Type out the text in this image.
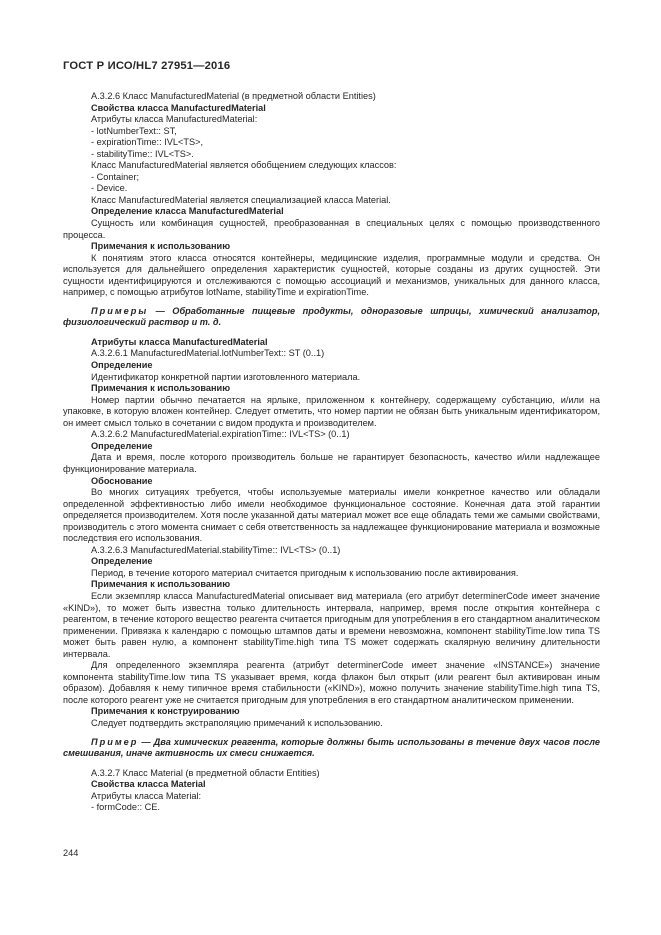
ГОСТ Р ИСО/HL7 27951—2016

А.3.2.6 Класс ManufacturedMaterial (в предметной области Entities)

Свойства класса ManufacturedMaterial

Атрибуты класса ManufacturedMaterial:

- lotNumberText:: ST,

- expirationTime:: IVL<TS>,

- stabilityTime:: IVL<TS>.

Класс ManufacturedMaterial является обобщением следующих классов:

- Container;

- Device.

Класс ManufacturedMaterial является специализацией класса Material.

Определение класса ManufacturedMaterial

Сущность или комбинация сущностей, преобразованная в специальных целях с помощью производственного процесса.

Примечания к использованию

К понятиям этого класса относятся контейнеры, медицинские изделия, программные модули и средства. Он используется для дальнейшего определения характеристик сущностей, которые созданы из других сущностей. Эти сущности идентифицируются и отслеживаются с помощью ассоциаций и механизмов, уникальных для данного класса, например, с помощью атрибутов lotName, stabilityTime и expirationTime.

Примеры — Обработанные пищевые продукты, одноразовые шприцы, химический анализатор, физиологический раствор и т. д.

Атрибуты класса ManufacturedMaterial

А.3.2.6.1 ManufacturedMaterial.lotNumberText:: ST (0..1)

Определение

Идентификатор конкретной партии изготовленного материала.

Примечания к использованию

Номер партии обычно печатается на ярлыке, приложенном к контейнеру, содержащему субстанцию, и/или на упаковке, в которую вложен контейнер. Следует отметить, что номер партии не обязан быть уникальным идентификатором, он имеет смысл только в сочетании с видом продукта и производителем.

А.3.2.6.2 ManufacturedMaterial.expirationTime:: IVL<TS> (0..1)

Определение

Дата и время, после которого производитель больше не гарантирует безопасность, качество и/или надлежащее функционирование материала.

Обоснование

Во многих ситуациях требуется, чтобы используемые материалы имели конкретное качество или обладали определенной эффективностью либо имели необходимое функциональное состояние. Конечная дата этой гарантии определяется производителем. Хотя после указанной даты материал может все еще обладать теми же самыми свойствами, производитель с этого момента снимает с себя ответственность за надлежащее функционирование материала и возможные последствия его использования.

А.3.2.6.3 ManufacturedMaterial.stabilityTime:: IVL<TS> (0..1)

Определение

Период, в течение которого материал считается пригодным к использованию после активирования.

Примечания к использованию

Если экземпляр класса ManufacturedMaterial описывает вид материала (его атрибут determinerCode имеет значение «KIND»), то может быть известна только длительность интервала, например, время после открытия контейнера с реагентом, в течение которого вещество реагента считается пригодным для употребления в его стандартном аналитическом применении. Привязка к календарю с помощью штампов даты и времени невозможна, компонент stabilityTime.low типа TS может быть равен нулю, а компонент stabilityTime.high типа TS может содержать скалярную величину длительности интервала.

Для определенного экземпляра реагента (атрибут determinerCode имеет значение «INSTANCE») значение компонента stabilityTime.low типа TS указывает время, когда флакон был открыт (или реагент был активирован иным образом). Добавляя к нему типичное время стабильности («KIND»), можно получить значение stabilityTime.high типа TS, после которого реагент уже не считается пригодным для употребления в его стандартном аналитическом применении.

Примечания к конструированию

Следует подтвердить экстраполяцию примечаний к использованию.

Пример — Два химических реагента, которые должны быть использованы в течение двух часов после смешивания, иначе активность их смеси снижается.

А.3.2.7 Класс Material (в предметной области Entities)

Свойства класса Material

Атрибуты класса Material:

- formCode:: CE.

244
